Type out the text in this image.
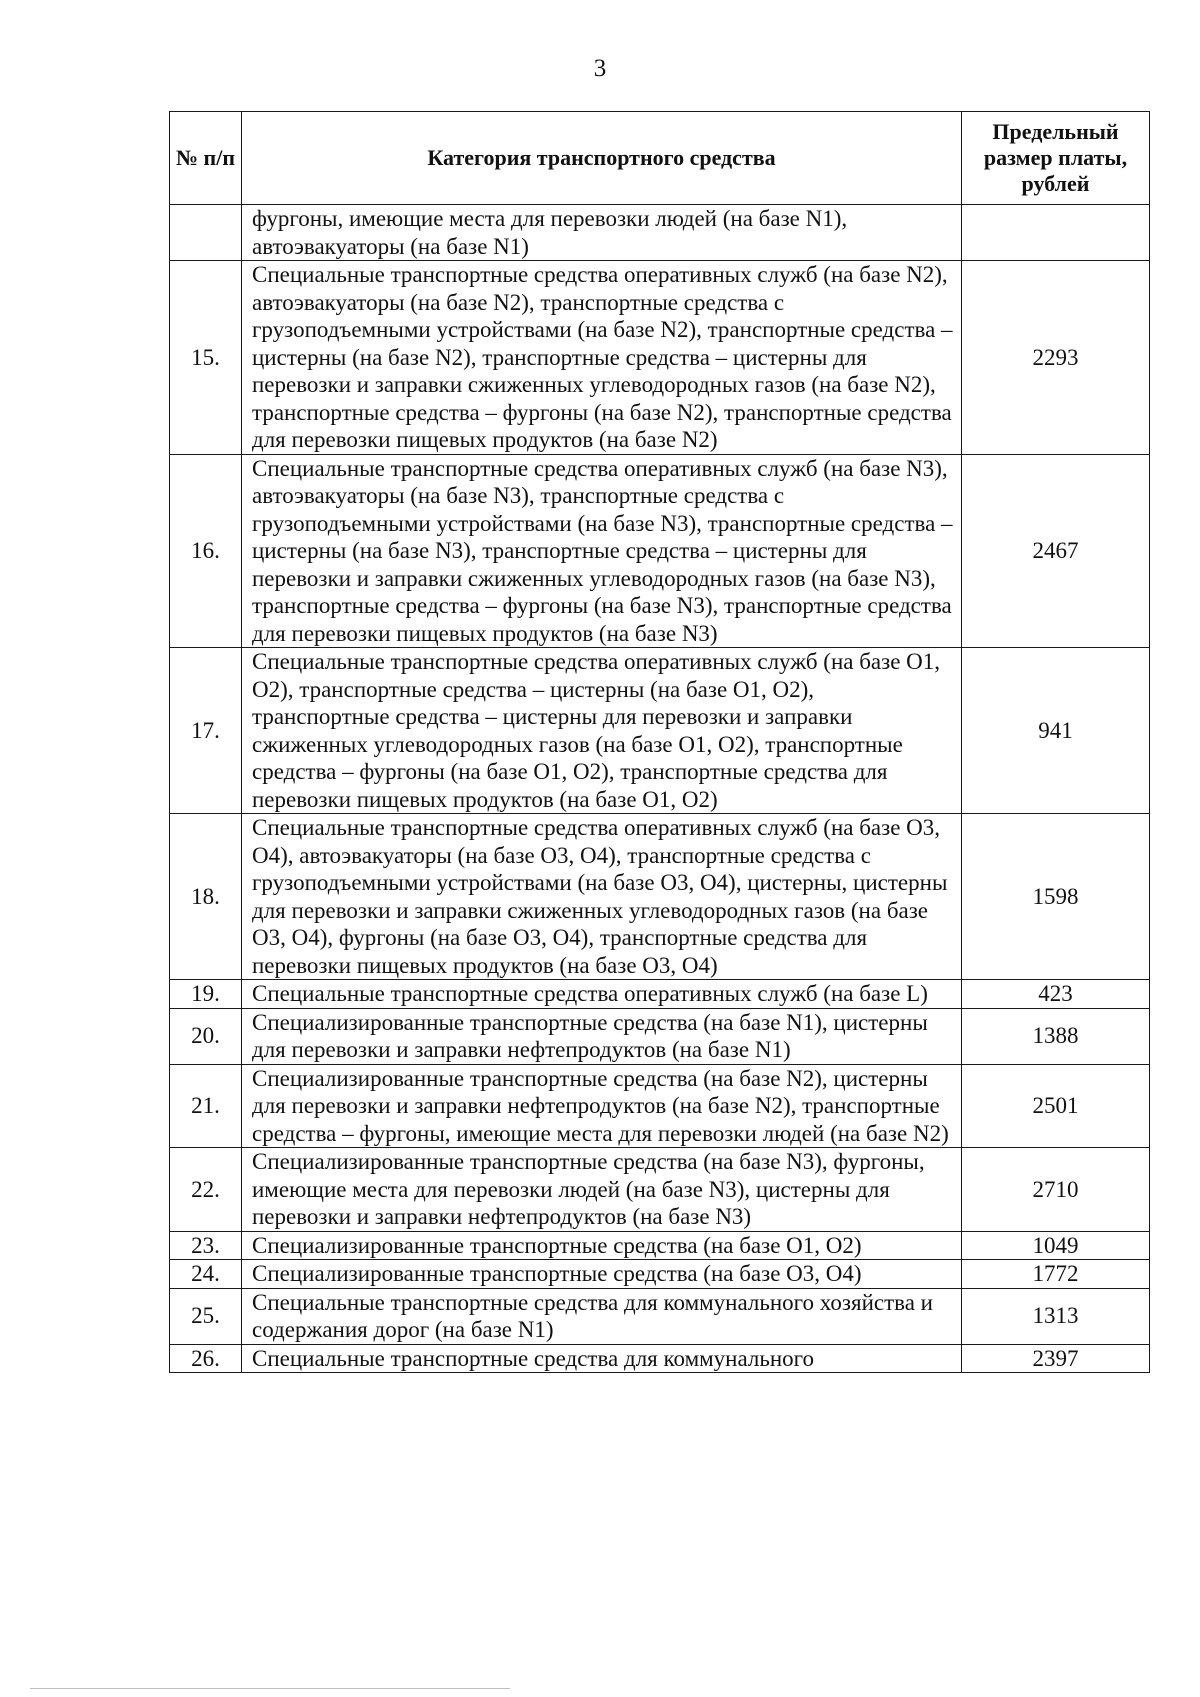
3
№ п/п	Категория транспортного средства	Предельный размер платы, рублей
	фургоны, имеющие места для перевозки людей (на базе N1), автоэвакуаторы (на базе N1)	
15.	Специальные транспортные средства оперативных служб (на базе N2), автоэвакуаторы (на базе N2), транспортные средства с грузоподъемными устройствами (на базе N2), транспортные средства – цистерны (на базе N2), транспортные средства – цистерны для перевозки и заправки сжиженных углеводородных газов (на базе N2), транспортные средства – фургоны (на базе N2), транспортные средства для перевозки пищевых продуктов (на базе N2)	2293
16.	Специальные транспортные средства оперативных служб (на базе N3), автоэвакуаторы (на базе N3), транспортные средства с грузоподъемными устройствами (на базе N3), транспортные средства – цистерны (на базе N3), транспортные средства – цистерны для перевозки и заправки сжиженных углеводородных газов (на базе N3), транспортные средства – фургоны (на базе N3), транспортные средства для перевозки пищевых продуктов (на базе N3)	2467
17.	Специальные транспортные средства оперативных служб (на базе O1, O2), транспортные средства – цистерны (на базе O1, O2), транспортные средства – цистерны для перевозки и заправки сжиженных углеводородных газов (на базе O1, O2), транспортные средства – фургоны (на базе O1, O2), транспортные средства для перевозки пищевых продуктов (на базе O1, O2)	941
18.	Специальные транспортные средства оперативных служб (на базе O3, O4), автоэвакуаторы (на базе O3, O4), транспортные средства с грузоподъемными устройствами (на базе O3, O4), цистерны, цистерны для перевозки и заправки сжиженных углеводородных газов (на базе O3, O4), фургоны (на базе O3, O4), транспортные средства для перевозки пищевых продуктов (на базе O3, O4)	1598
19.	Специальные транспортные средства оперативных служб (на базе L)	423
20.	Специализированные транспортные средства (на базе N1), цистерны для перевозки и заправки нефтепродуктов (на базе N1)	1388
21.	Специализированные транспортные средства (на базе N2), цистерны для перевозки и заправки нефтепродуктов (на базе N2), транспортные средства – фургоны, имеющие места для перевозки людей (на базе N2)	2501
22.	Специализированные транспортные средства (на базе N3), фургоны, имеющие места для перевозки людей (на базе N3), цистерны для перевозки и заправки нефтепродуктов (на базе N3)	2710
23.	Специализированные транспортные средства (на базе O1, O2)	1049
24.	Специализированные транспортные средства (на базе O3, O4)	1772
25.	Специальные транспортные средства для коммунального хозяйства и содержания дорог (на базе N1)	1313
26.	Специальные транспортные средства для коммунального	2397
